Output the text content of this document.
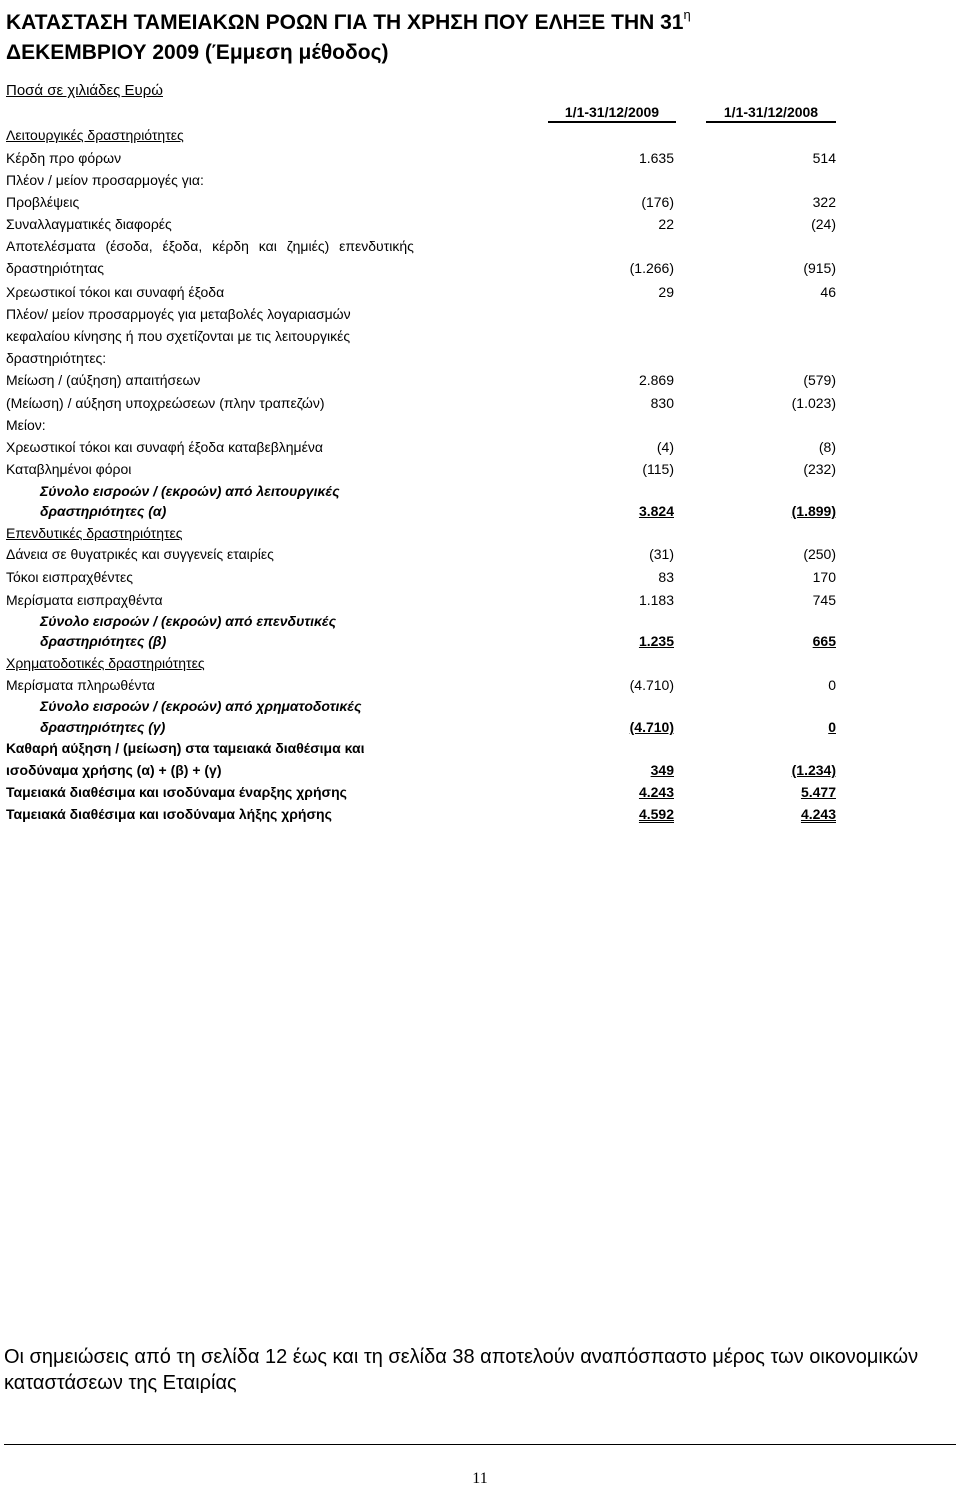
ΚΑΤΑΣΤΑΣΗ ΤΑΜΕΙΑΚΩΝ ΡΟΩΝ ΓΙΑ ΤΗ ΧΡΗΣΗ ΠΟΥ ΕΛΗΞΕ ΤΗΝ $31^\eta$
ΔΕΚΕΜΒΡΙΟΥ 2009 (Έμμεση μέθοδος)
Ποσά σε χιλιάδες Ευρώ
1/1-31/12/2009	1/1-31/12/2008
Λειτουργικές δραστηριότητες
Κέρδη προ φόρων	1.635	514
Πλέον / μείον προσαρμογές για:
Προβλέψεις	(176)	322
Συναλλαγματικές διαφορές	22	(24)
Αποτελέσματα (έσοδα, έξοδα, κέρδη και ζημιές) επενδυτικής
δραστηριότητας	(1.266)	(915)
Χρεωστικοί τόκοι και συναφή έξοδα	29	46
Πλέον/ μείον προσαρμογές για μεταβολές λογαριασμών
κεφαλαίου κίνησης ή που σχετίζονται με τις λειτουργικές
δραστηριότητες:
Μείωση / (αύξηση) απαιτήσεων	2.869	(579)
(Μείωση) / αύξηση υποχρεώσεων (πλην τραπεζών)	830	(1.023)
Μείον:
Χρεωστικοί τόκοι και συναφή έξοδα καταβεβλημένα	(4)	(8)
Καταβλημένοι φόροι	(115)	(232)
Σύνολο εισροών / (εκροών) από λειτουργικές
δραστηριότητες (α)	3.824	(1.899)
Επενδυτικές δραστηριότητες
Δάνεια σε θυγατρικές και συγγενείς εταιρίες	(31)	(250)
Τόκοι εισπραχθέντες	83	170
Μερίσματα εισπραχθέντα	1.183	745
Σύνολο εισροών / (εκροών) από επενδυτικές
δραστηριότητες (β)	1.235	665
Χρηματοδοτικές δραστηριότητες
Μερίσματα πληρωθέντα	(4.710)	0
Σύνολο εισροών / (εκροών) από χρηματοδοτικές
δραστηριότητες (γ)	(4.710)	0
Καθαρή αύξηση / (μείωση) στα ταμειακά διαθέσιμα και
ισοδύναμα χρήσης (α) + (β) + (γ)	349	(1.234)
Ταμειακά διαθέσιμα και ισοδύναμα έναρξης χρήσης	4.243	5.477
Ταμειακά διαθέσιμα και ισοδύναμα λήξης χρήσης	4.592	4.243

Οι σημειώσεις από τη σελίδα 12 έως και τη σελίδα 38 αποτελούν αναπόσπαστο μέρος των οικονομικών καταστάσεων της Εταιρίας

11
